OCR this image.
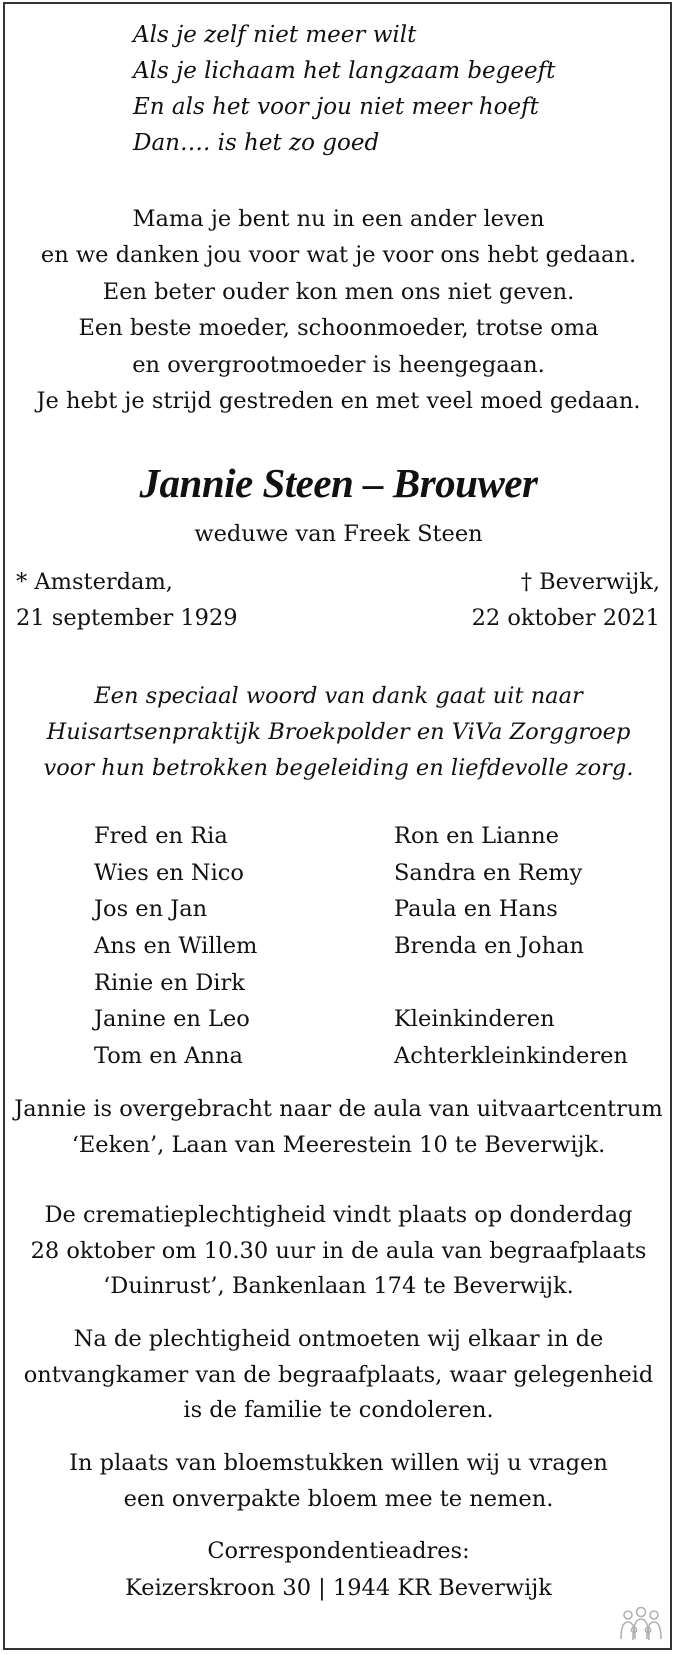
Als je zelf niet meer wilt
Als je lichaam het langzaam begeeft
En als het voor jou niet meer hoeft
Dan…. is het zo goed
Mama je bent nu in een ander leven
en we danken jou voor wat je voor ons hebt gedaan.
Een beter ouder kon men ons niet geven.
Een beste moeder, schoonmoeder, trotse oma
en overgrootmoeder is heengegaan.
Je hebt je strijd gestreden en met veel moed gedaan.
Jannie Steen – Brouwer
weduwe van Freek Steen
* Amsterdam,
21 september 1929
† Beverwijk,
22 oktober 2021
Een speciaal woord van dank gaat uit naar
Huisartsenpraktijk Broekpolder en ViVa Zorggroep
voor hun betrokken begeleiding en liefdevolle zorg.
Fred en Ria
Wies en Nico
Jos en Jan
Ans en Willem
Rinie en Dirk
Janine en Leo
Tom en Anna
Ron en Lianne
Sandra en Remy
Paula en Hans
Brenda en Johan
Kleinkinderen
Achterkleinkinderen
Jannie is overgebracht naar de aula van uitvaartcentrum
‘Eeken’, Laan van Meerestein 10 te Beverwijk.
De crematieplechtigheid vindt plaats op donderdag
28 oktober om 10.30 uur in de aula van begraafplaats
‘Duinrust’, Bankenlaan 174 te Beverwijk.
Na de plechtigheid ontmoeten wij elkaar in de
ontvangkamer van de begraafplaats, waar gelegenheid
is de familie te condoleren.
In plaats van bloemstukken willen wij u vragen
een onverpakte bloem mee te nemen.
Correspondentieadres:
Keizerskroon 30 | 1944 KR Beverwijk
